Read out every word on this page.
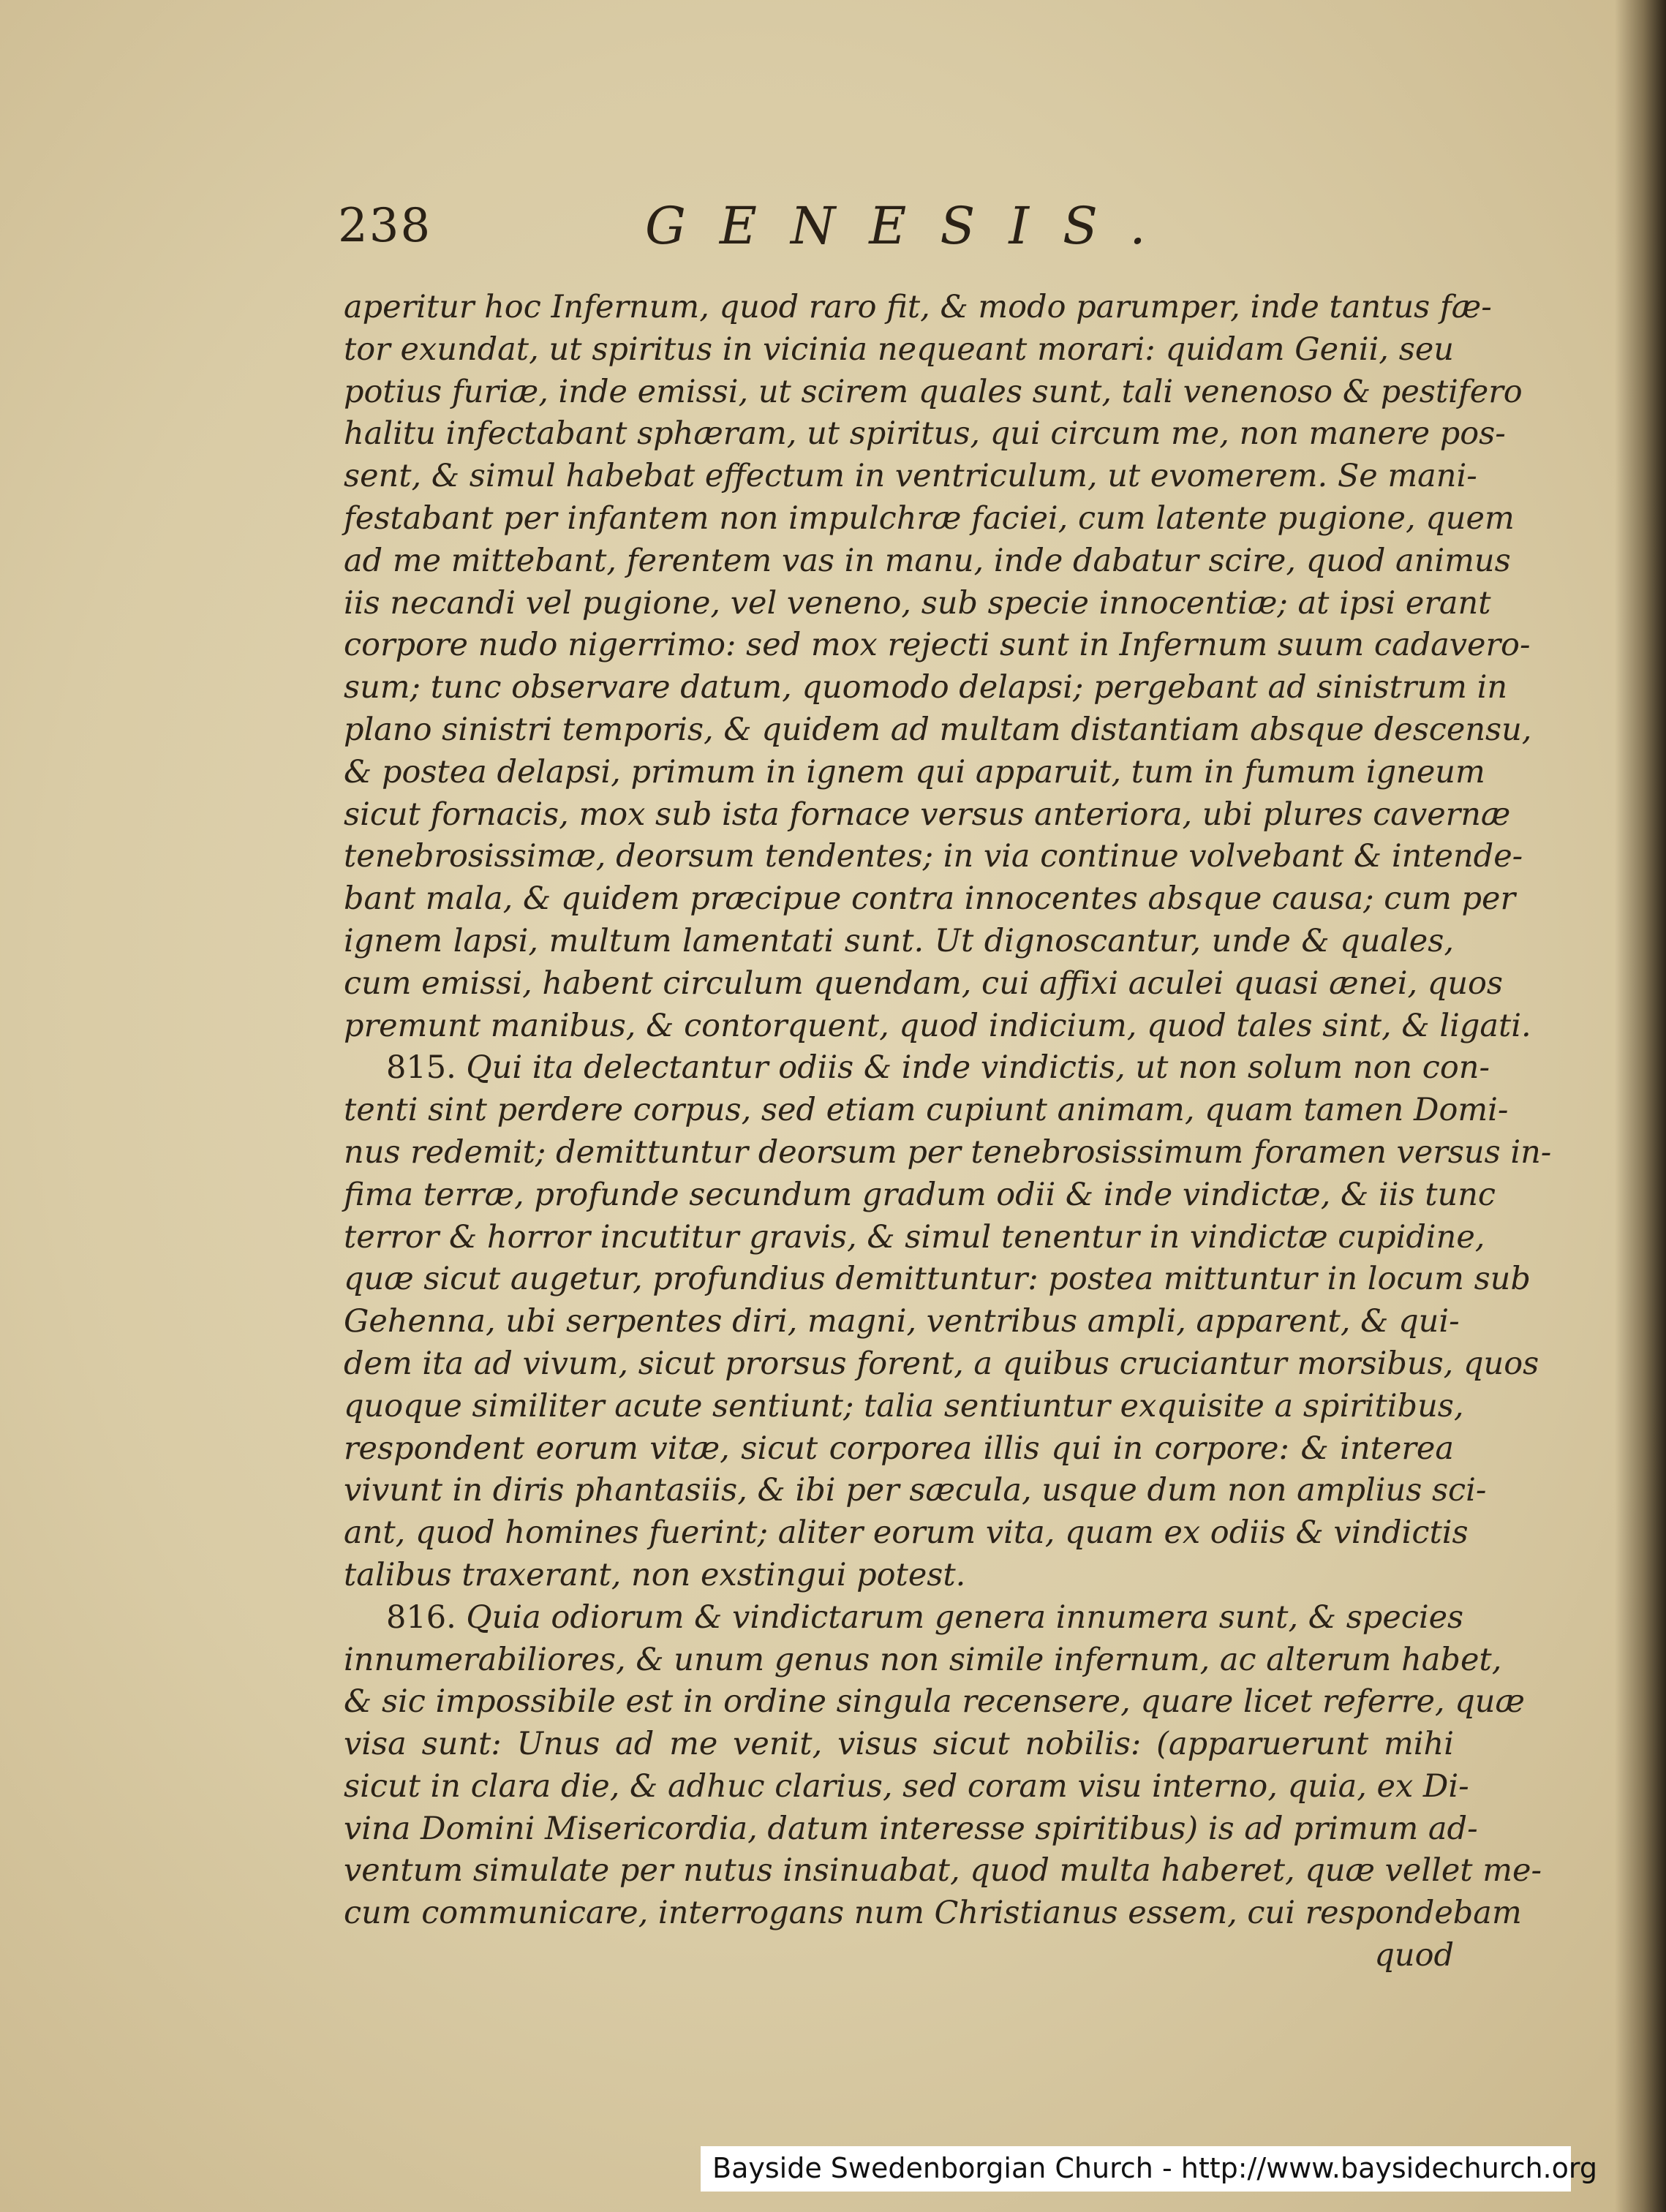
238	GENESIS.
aperitur hoc Infernum, quod raro fit, & modo parumper, inde tantus fæ-
tor exundat, ut spiritus in vicinia nequeant morari: quidam Genii, seu
potius furiæ, inde emissi, ut scirem quales sunt, tali venenoso & pestifero
halitu infectabant sphæram, ut spiritus, qui circum me, non manere pos-
sent, & simul habebat effectum in ventriculum, ut evomerem. Se mani-
festabant per infantem non impulchræ faciei, cum latente pugione, quem
ad me mittebant, ferentem vas in manu, inde dabatur scire, quod animus
iis necandi vel pugione, vel veneno, sub specie innocentiæ; at ipsi erant
corpore nudo nigerrimo: sed mox rejecti sunt in Infernum suum cadavero-
sum; tunc observare datum, quomodo delapsi; pergebant ad sinistrum in
plano sinistri temporis, & quidem ad multam distantiam absque descensu,
& postea delapsi, primum in ignem qui apparuit, tum in fumum igneum
sicut fornacis, mox sub ista fornace versus anteriora, ubi plures cavernæ
tenebrosissimæ, deorsum tendentes; in via continue volvebant & intende-
bant mala, & quidem præcipue contra innocentes absque causa; cum per
ignem lapsi, multum lamentati sunt. Ut dignoscantur, unde & quales,
cum emissi, habent circulum quendam, cui affixi aculei quasi ænei, quos
premunt manibus, & contorquent, quod indicium, quod tales sint, & ligati.
815. Qui ita delectantur odiis & inde vindictis, ut non solum non con-
tenti sint perdere corpus, sed etiam cupiunt animam, quam tamen Domi-
nus redemit; demittuntur deorsum per tenebrosissimum foramen versus in-
fima terræ, profunde secundum gradum odii & inde vindictæ, & iis tunc
terror & horror incutitur gravis, & simul tenentur in vindictæ cupidine,
quæ sicut augetur, profundius demittuntur: postea mittuntur in locum sub
Gehenna, ubi serpentes diri, magni, ventribus ampli, apparent, & qui-
dem ita ad vivum, sicut prorsus forent, a quibus cruciantur morsibus, quos
quoque similiter acute sentiunt; talia sentiuntur exquisite a spiritibus,
respondent eorum vitæ, sicut corporea illis qui in corpore: & interea
vivunt in diris phantasiis, & ibi per sæcula, usque dum non amplius sci-
ant, quod homines fuerint; aliter eorum vita, quam ex odiis & vindictis
talibus traxerant, non exstingui potest.
816. Quia odiorum & vindictarum genera innumera sunt, & species
innumerabiliores, & unum genus non simile infernum, ac alterum habet,
& sic impossibile est in ordine singula recensere, quare licet referre, quæ
visa sunt: Unus ad me venit, visus sicut nobilis: (apparuerunt mihi
sicut in clara die, & adhuc clarius, sed coram visu interno, quia, ex Di-
vina Domini Misericordia, datum interesse spiritibus) is ad primum ad-
ventum simulate per nutus insinuabat, quod multa haberet, quæ vellet me-
cum communicare, interrogans num Christianus essem, cui respondebam
quod
Bayside Swedenborgian Church - http://www.baysidechurch.org
